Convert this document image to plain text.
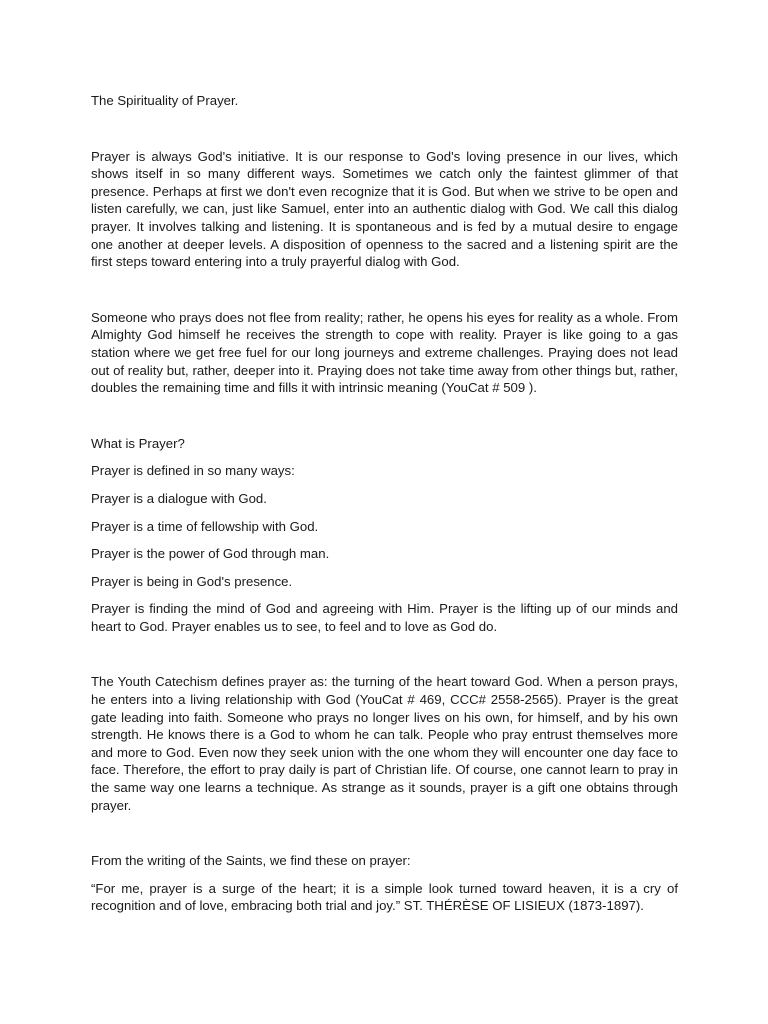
The Spirituality of Prayer.

Prayer is always God's initiative. It is our response to God's loving presence in our lives, which shows itself in so many different ways. Sometimes we catch only the faintest glimmer of that presence. Perhaps at first we don't even recognize that it is God. But when we strive to be open and listen carefully, we can, just like Samuel, enter into an authentic dialog with God. We call this dialog prayer. It involves talking and listening. It is spontaneous and is fed by a mutual desire to engage one another at deeper levels. A disposition of openness to the sacred and a listening spirit are the first steps toward entering into a truly prayerful dialog with God.

Someone who prays does not flee from reality; rather, he opens his eyes for reality as a whole. From Almighty God himself he receives the strength to cope with reality. Prayer is like going to a gas station where we get free fuel for our long journeys and extreme challenges. Praying does not lead out of reality but, rather, deeper into it. Praying does not take time away from other things but, rather, doubles the remaining time and fills it with intrinsic meaning (YouCat # 509 ).

What is Prayer?

Prayer is defined in so many ways:

Prayer is a dialogue with God.

Prayer is a time of fellowship with God.

Prayer is the power of God through man.

Prayer is being in God's presence.

Prayer is finding the mind of God and agreeing with Him. Prayer is the lifting up of our minds and heart to God. Prayer enables us to see, to feel and to love as God do.

The Youth Catechism defines prayer as: the turning of the heart toward God. When a person prays, he enters into a living relationship with God (YouCat # 469, CCC# 2558-2565). Prayer is the great gate leading into faith. Someone who prays no longer lives on his own, for himself, and by his own strength. He knows there is a God to whom he can talk. People who pray entrust themselves more and more to God. Even now they seek union with the one whom they will encounter one day face to face. Therefore, the effort to pray daily is part of Christian life. Of course, one cannot learn to pray in the same way one learns a technique. As strange as it sounds, prayer is a gift one obtains through prayer.

From the writing of the Saints, we find these on prayer:

“For me, prayer is a surge of the heart; it is a simple look turned toward heaven, it is a cry of recognition and of love, embracing both trial and joy.” ST. THÉRÈSE OF LISIEUX (1873-1897).
